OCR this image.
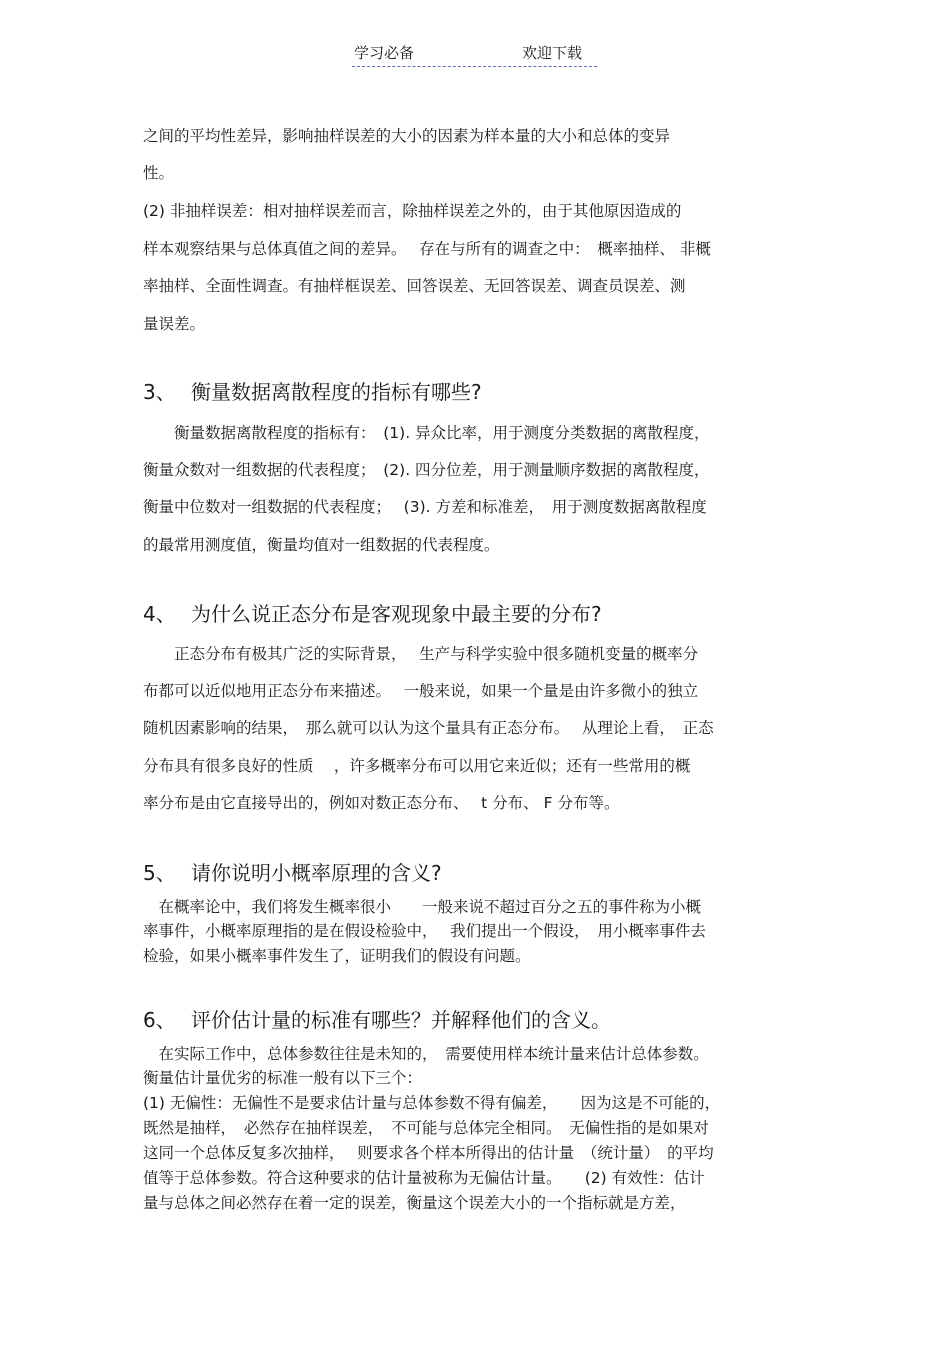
学习必备	欢迎下载
之间的平均性差异，影响抽样误差的大小的因素为样本量的大小和总体的变异
性。
(2) 非抽样误差：相对抽样误差而言，除抽样误差之外的，由于其他原因造成的
样本观察结果与总体真值之间的差异。　 存在与所有的调查之中：　概率抽样、 非概
率抽样、全面性调查。有抽样框误差、回答误差、无回答误差、调查员误差、测
量误差。
3、 衡量数据离散程度的指标有哪些?
　　衡量数据离散程度的指标有：　(1). 异众比率，用于测度分类数据的离散程度，
衡量众数对一组数据的代表程度；　(2). 四分位差，用于测量顺序数据的离散程度，
衡量中位数对一组数据的代表程度；　 (3). 方差和标准差，　用于测度数据离散程度
的最常用测度值，衡量均值对一组数据的代表程度。
4、 为什么说正态分布是客观现象中最主要的分布?
　　正态分布有极其广泛的实际背景，　 生产与科学实验中很多随机变量的概率分
布都可以近似地用正态分布来描述。　 一般来说，如果一个量是由许多微小的独立
随机因素影响的结果，　那么就可以认为这个量具有正态分布。　 从理论上看，　正态
分布具有很多良好的性质　 ，许多概率分布可以用它来近似；还有一些常用的概
率分布是由它直接导出的，例如对数正态分布、　 t 分布、 F 分布等。
5、 请你说明小概率原理的含义?
　在概率论中，我们将发生概率很小　　一般来说不超过百分之五的事件称为小概
率事件，小概率原理指的是在假设检验中，　 我们提出一个假设，　用小概率事件去
检验，如果小概率事件发生了，证明我们的假设有问题。
6、 评价估计量的标准有哪些？并解释他们的含义。
　在实际工作中，总体参数往往是未知的，　需要使用样本统计量来估计总体参数。
衡量估计量优劣的标准一般有以下三个：
(1) 无偏性：无偏性不是要求估计量与总体参数不得有偏差，　　因为这是不可能的，
既然是抽样，　必然存在抽样误差，　不可能与总体完全相同。　无偏性指的是如果对
这同一个总体反复多次抽样，　 则要求各个样本所得出的估计量　（统计量）　的平均
值等于总体参数。符合这种要求的估计量被称为无偏估计量。　　(2) 有效性：估计
量与总体之间必然存在着一定的误差，衡量这个误差大小的一个指标就是方差，
